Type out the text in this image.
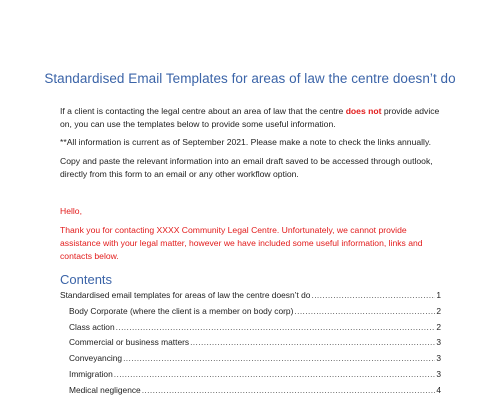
Standardised Email Templates for areas of law the centre doesn’t do
If a client is contacting the legal centre about an area of law that the centre does not provide advice on, you can use the templates below to provide some useful information.
**All information is current as of September 2021. Please make a note to check the links annually.
Copy and paste the relevant information into an email draft saved to be accessed through outlook, directly from this form to an email or any other workflow option.
Hello,
Thank you for contacting XXXX Community Legal Centre. Unfortunately, we cannot provide assistance with your legal matter, however we have included some useful information, links and contacts below.
Contents
Standardised email templates for areas of law the centre doesn’t do .....	1
Body Corporate (where the client is a member on body corp) .....	2
Class action .....	2
Commercial or business matters .....	3
Conveyancing .....	3
Immigration .....	3
Medical negligence .....	4
